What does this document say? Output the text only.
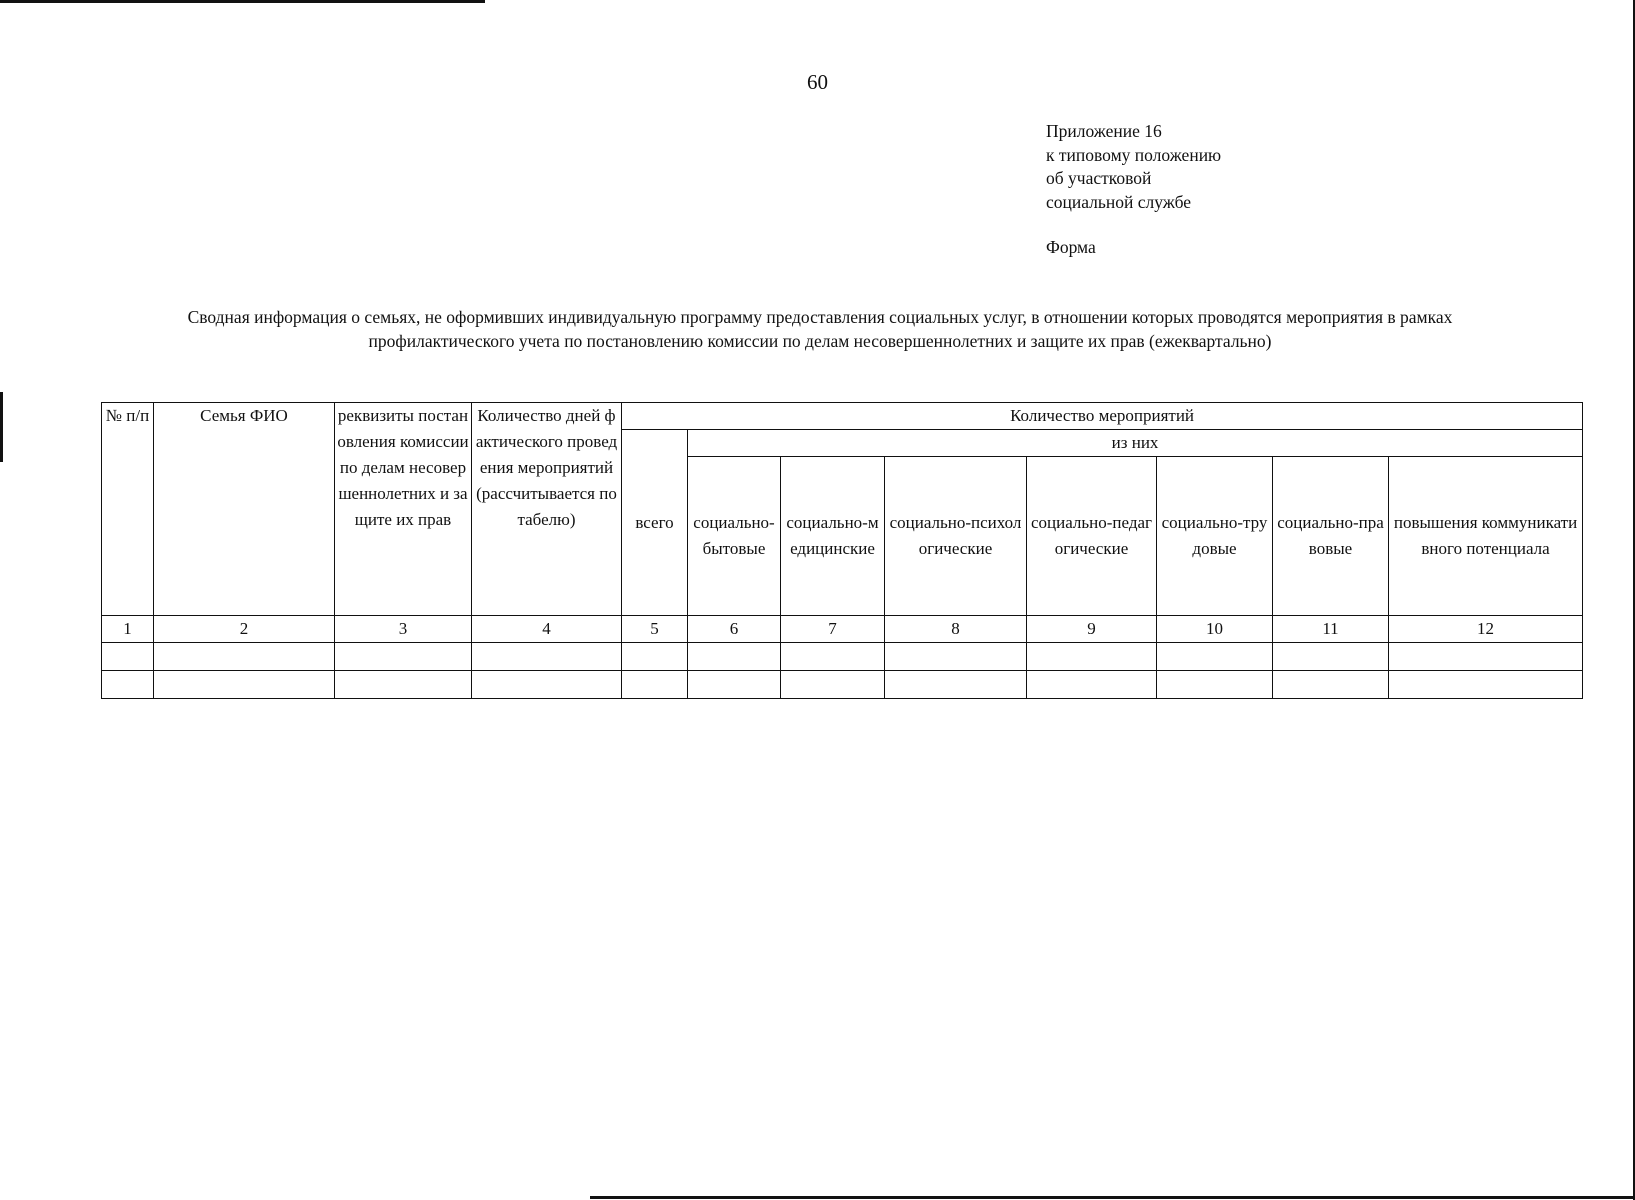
60
Приложение 16
к типовому положению
об участковой
социальной службе
Форма
Сводная информация о семьях, не оформивших индивидуальную программу предоставления социальных услуг, в отношении которых проводятся мероприятия в рамках
профилактического учета по постановлению комиссии по делам несовершеннолетних и защите их прав (ежеквартально)
№ п/п	Семья ФИО	реквизиты постановления комиссии по делам несовершеннолетних и защите их прав	Количество дней фактического проведения мероприятий (рассчитывается по табелю)	Количество мероприятий							
				всего	из них						
					социально-бытовые	социально-медицинские	социально-психологические	социально-педагогические	социально-трудовые	социально-правовые	повышения коммуникативного потенциала
1	2	3	4	5	6	7	8	9	10	11	12
